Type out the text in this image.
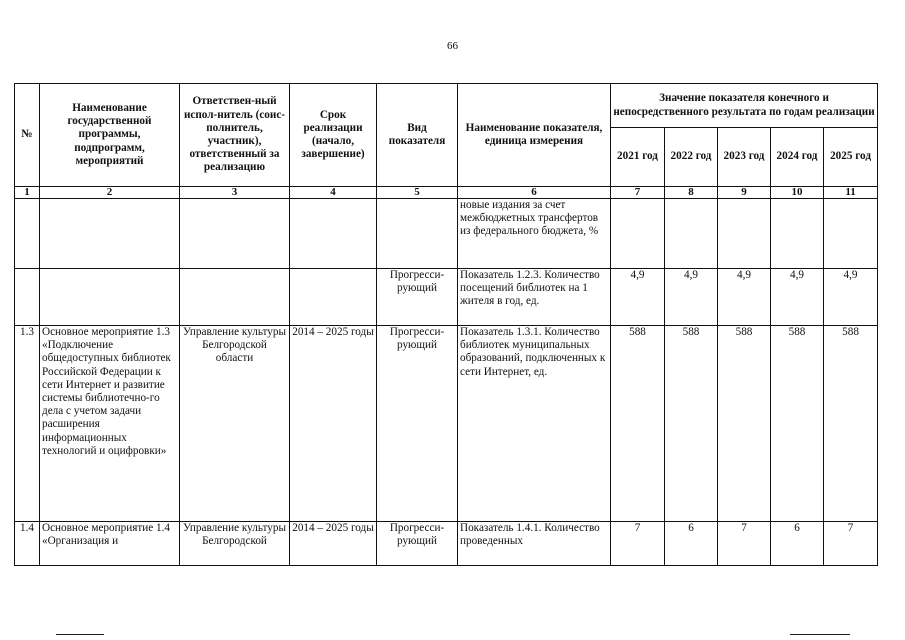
66
№	Наименование государственной программы, подпрограмм, мероприятий	Ответствен-ный испол-нитель (соис-полнитель, участник), ответственный за реализацию	Срок реализации (начало, завершение)	Вид показателя	Наименование показателя, единица измерения	Значение показателя конечного и непосредственного результата по годам реализации				
						2021 год	2022 год	2023 год	2024 год	2025 год
1	2	3	4	5	6	7	8	9	10	11
					новые издания за счет межбюджетных трансфертов из федерального бюджета, %					
				Прогресси-рующий	Показатель 1.2.3. Количество посещений библиотек на 1 жителя в год, ед.	4,9	4,9	4,9	4,9	4,9
1.3	Основное мероприятие 1.3 «Подключение общедоступных библиотек Российской Федерации к сети Интернет и развитие системы библиотечно-го дела с учетом задачи расширения информационных технологий и оцифровки»	Управление культуры Белгородской области	2014 – 2025 годы	Прогресси-рующий	Показатель 1.3.1. Количество библиотек муниципальных образований, подключенных к сети Интернет, ед.	588	588	588	588	588
1.4	Основное мероприятие 1.4 «Организация и	Управление культуры Белгородской	2014 – 2025 годы	Прогресси-рующий	Показатель 1.4.1. Количество проведенных	7	6	7	6	7
